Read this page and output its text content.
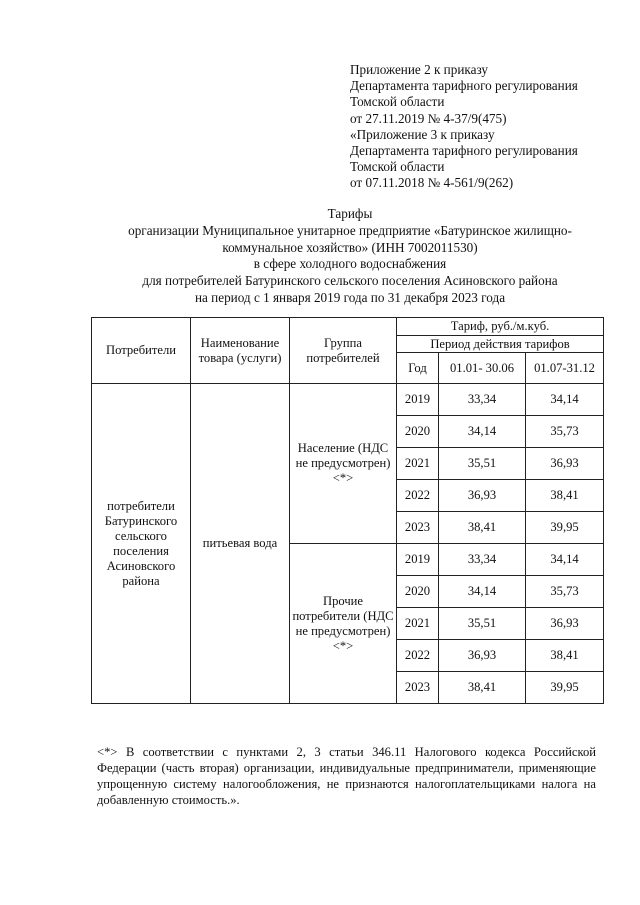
Приложение 2 к приказу
Департамента тарифного регулирования
Томской области
от 27.11.2019 № 4-37/9(475)
«Приложение 3 к приказу
Департамента тарифного регулирования
Томской области
от 07.11.2018 № 4-561/9(262)
Тарифы
организации Муниципальное унитарное предприятие «Батуринское жилищно-
коммунальное хозяйство» (ИНН 7002011530)
в сфере холодного водоснабжения
для потребителей Батуринского сельского поселения Асиновского района
на период с 1 января 2019 года по 31 декабря 2023 года
Потребители	Наименование товара (услуги)	Группа потребителей	Тариф, руб./м.куб.		
			Период действия тарифов		
			Год	01.01- 30.06	01.07-31.12
потребители Батуринского сельского поселения Асиновского района	питьевая вода	Население (НДС не предусмотрен) <*>	2019	33,34	34,14
			2020	34,14	35,73
			2021	35,51	36,93
			2022	36,93	38,41
			2023	38,41	39,95
		Прочие потребители (НДС не предусмотрен) <*>	2019	33,34	34,14
			2020	34,14	35,73
			2021	35,51	36,93
			2022	36,93	38,41
			2023	38,41	39,95
<*> В соответствии с пунктами 2, 3 статьи 346.11 Налогового кодекса Российской Федерации (часть вторая) организации, индивидуальные предприниматели, применяющие упрощенную систему налогообложения, не признаются налогоплательщиками налога на добавленную стоимость.».
